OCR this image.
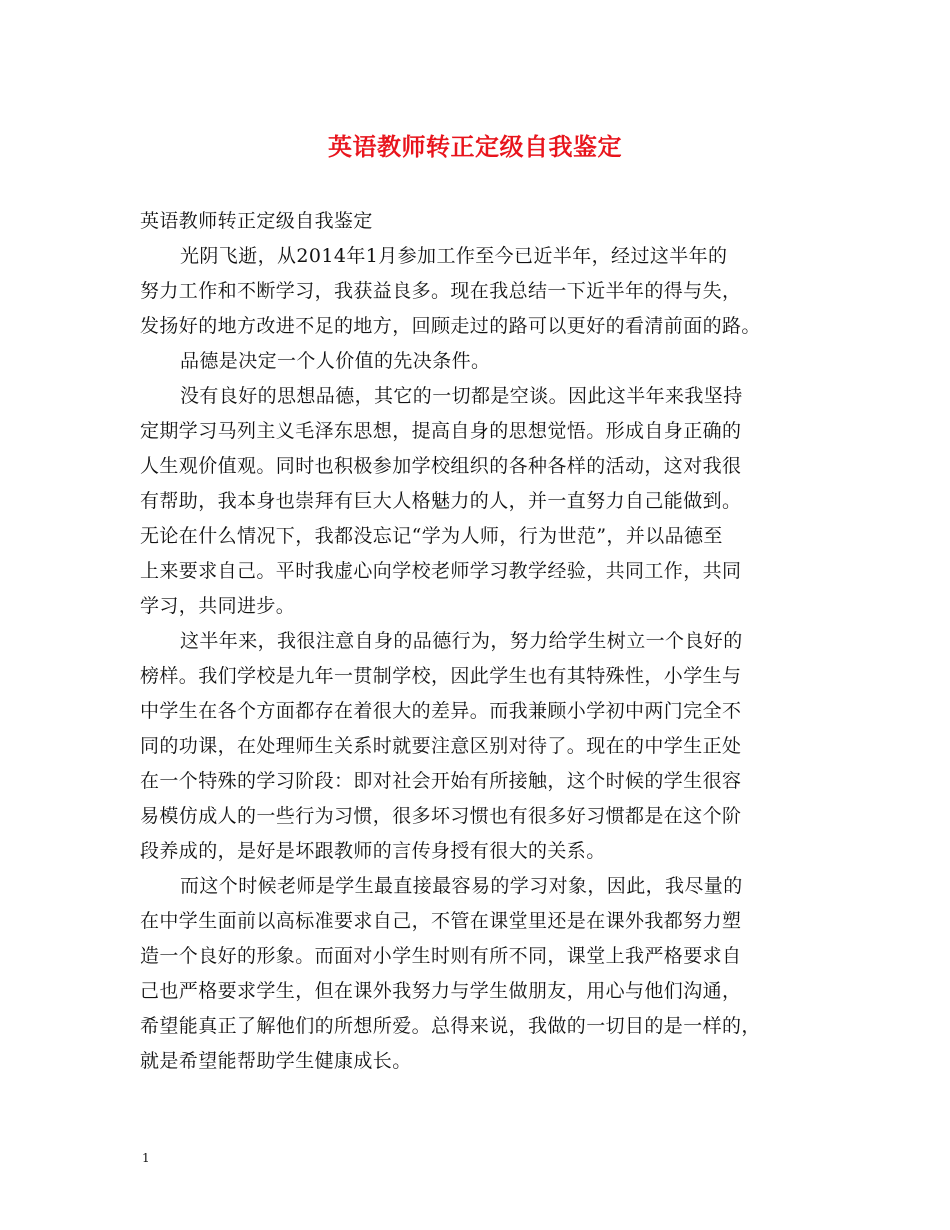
英语教师转正定级自我鉴定
英语教师转正定级自我鉴定
光阴飞逝，从2014年1月参加工作至今已近半年，经过这半年的
努力工作和不断学习，我获益良多。现在我总结一下近半年的得与失，
发扬好的地方改进不足的地方，回顾走过的路可以更好的看清前面的路。
品德是决定一个人价值的先决条件。
没有良好的思想品德，其它的一切都是空谈。因此这半年来我坚持
定期学习马列主义毛泽东思想，提高自身的思想觉悟。形成自身正确的
人生观价值观。同时也积极参加学校组织的各种各样的活动，这对我很
有帮助，我本身也崇拜有巨大人格魅力的人，并一直努力自己能做到。
无论在什么情况下，我都没忘记“学为人师，行为世范”，并以品德至
上来要求自己。平时我虚心向学校老师学习教学经验，共同工作，共同
学习，共同进步。
这半年来，我很注意自身的品德行为，努力给学生树立一个良好的
榜样。我们学校是九年一贯制学校，因此学生也有其特殊性，小学生与
中学生在各个方面都存在着很大的差异。而我兼顾小学初中两门完全不
同的功课，在处理师生关系时就要注意区别对待了。现在的中学生正处
在一个特殊的学习阶段：即对社会开始有所接触，这个时候的学生很容
易模仿成人的一些行为习惯，很多坏习惯也有很多好习惯都是在这个阶
段养成的，是好是坏跟教师的言传身授有很大的关系。
而这个时候老师是学生最直接最容易的学习对象，因此，我尽量的
在中学生面前以高标准要求自己，不管在课堂里还是在课外我都努力塑
造一个良好的形象。而面对小学生时则有所不同，课堂上我严格要求自
己也严格要求学生，但在课外我努力与学生做朋友，用心与他们沟通，
希望能真正了解他们的所想所爱。总得来说，我做的一切目的是一样的，
就是希望能帮助学生健康成长。
1
